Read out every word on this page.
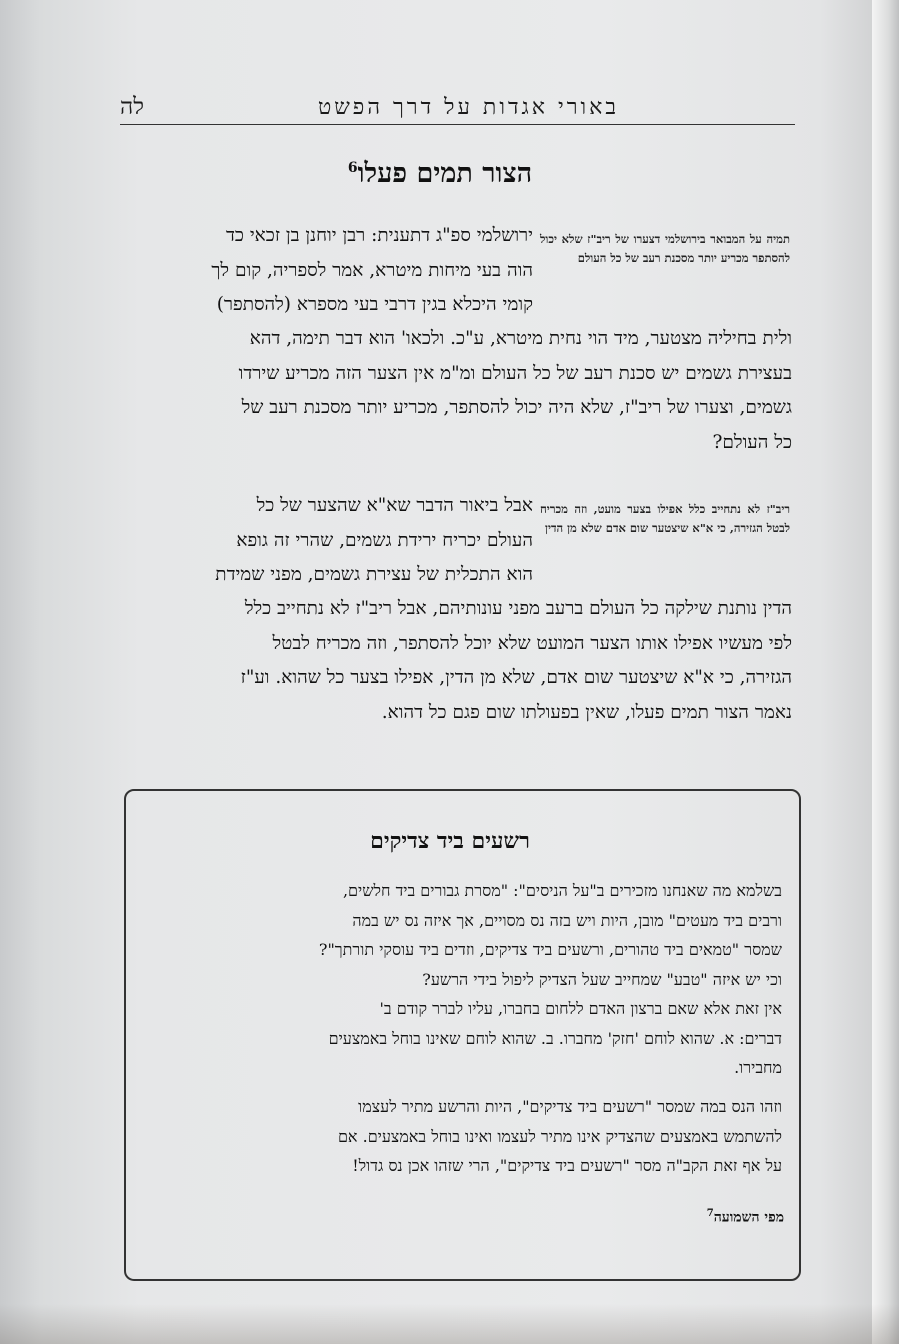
באורי אגדות על דרך הפשט
לה
הצור תמים פעלו$^6$
תמיה על המבואר בירושלמי דצערו של ריב"ז שלא יכול להסתפר מכריע יותר מסכנת רעב של כל העולם
ירושלמי ספ"ג דתענית: רבן יוחנן בן זכאי כד
הוה בעי מיחות מיטרא, אמר לספריה, קום לך
קומי היכלא בגין דרבי בעי מספרא (להסתפר)
ולית בחיליה מצטער, מיד הוי נחית מיטרא, ע"כ. ולכאו' הוא דבר תימה, דהא
בעצירת גשמים יש סכנת רעב של כל העולם ומ"מ אין הצער הזה מכריע שירדו
גשמים, וצערו של ריב"ז, שלא היה יכול להסתפר, מכריע יותר מסכנת רעב של
כל העולם?
ריב"ז לא נתחייב כלל אפילו בצער מועט, וזה מכריח לבטל הגזירה, כי א"א שיצטער שום אדם שלא מן הדין
אבל ביאור הדבר שא"א שהצער של כל
העולם יכריח ירידת גשמים, שהרי זה גופא
הוא התכלית של עצירת גשמים, מפני שמידת
הדין נותנת שילקה כל העולם ברעב מפני עונותיהם, אבל ריב"ז לא נתחייב כלל
לפי מעשיו אפילו אותו הצער המועט שלא יוכל להסתפר, וזה מכריח לבטל
הגזירה, כי א"א שיצטער שום אדם, שלא מן הדין, אפילו בצער כל שהוא. וע"ז
נאמר הצור תמים פעלו, שאין בפעולתו שום פגם כל דהוא.
רשעים ביד צדיקים
בשלמא מה שאנחנו מזכירים ב"על הניסים": "מסרת גבורים ביד חלשים,
ורבים ביד מעטים" מובן, היות ויש בזה נס מסויים, אך איזה נס יש במה
שמסר "טמאים ביד טהורים, ורשעים ביד צדיקים, וזדים ביד עוסקי תורתך"?
וכי יש איזה "טבע" שמחייב שעל הצדיק ליפול בידי הרשע?
אין זאת אלא שאם ברצון האדם ללחום בחברו, עליו לברר קודם ב'
דברים: א. שהוא לוחם 'חזק' מחברו. ב. שהוא לוחם שאינו בוחל באמצעים
מחבירו.
וזהו הנס במה שמסר "רשעים ביד צדיקים", היות והרשע מתיר לעצמו
להשתמש באמצעים שהצדיק אינו מתיר לעצמו ואינו בוחל באמצעים. אם
על אף זאת הקב"ה מסר "רשעים ביד צדיקים", הרי שזהו אכן נס גדול!
מפי השמועה$^7$
